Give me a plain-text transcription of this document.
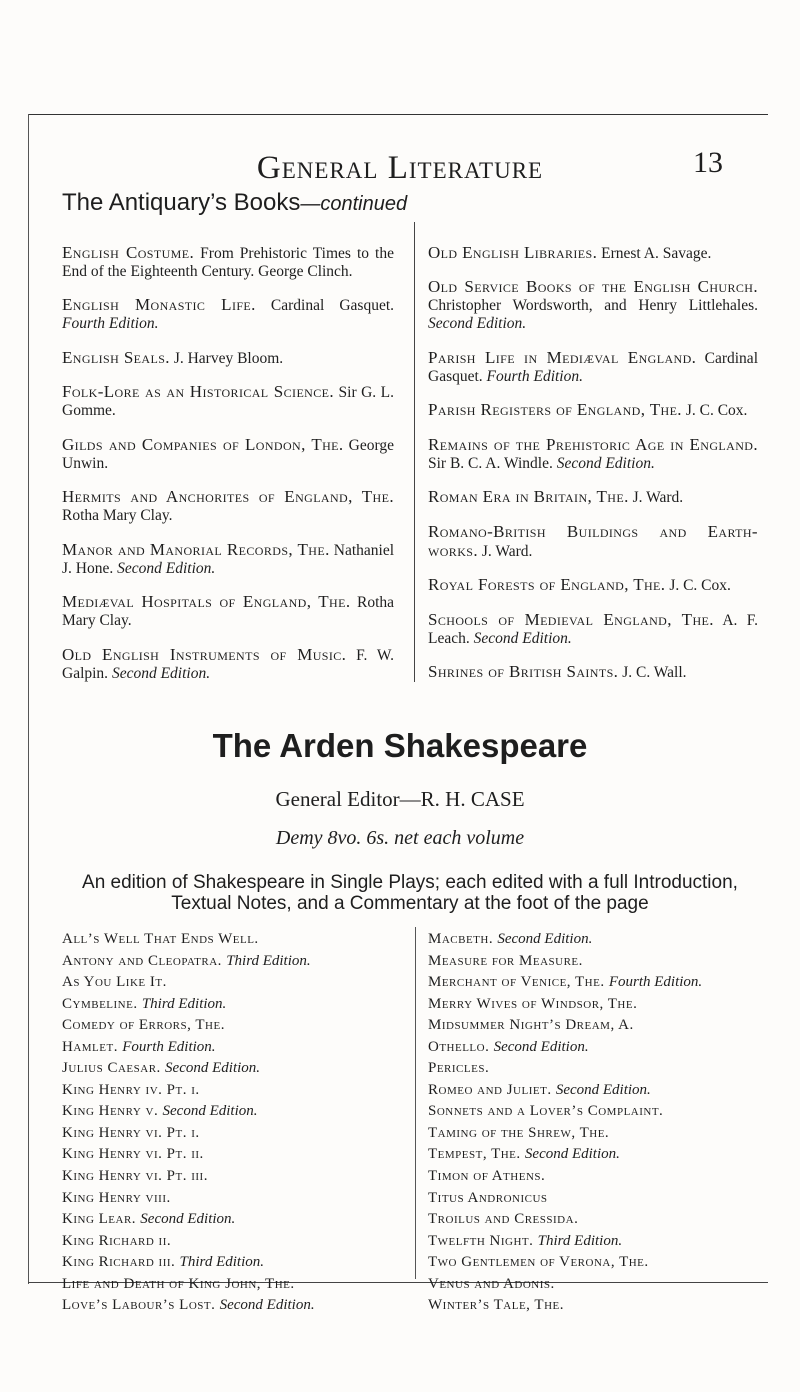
General Literature	13
The Antiquary’s Books—continued

English Costume. From Prehistoric Times to the End of the Eighteenth Century. George Clinch.

English Monastic Life. Cardinal Gasquet. Fourth Edition.

English Seals. J. Harvey Bloom.

Folk-Lore as an Historical Science. Sir G. L. Gomme.

Gilds and Companies of London, The. George Unwin.

Hermits and Anchorites of England, The. Rotha Mary Clay.

Manor and Manorial Records, The. Nathaniel J. Hone. Second Edition.

Mediæval Hospitals of England, The. Rotha Mary Clay.

Old English Instruments of Music. F. W. Galpin. Second Edition.

Old English Libraries. Ernest A. Savage.

Old Service Books of the English Church. Christopher Wordsworth, and Henry Littlehales. Second Edition.

Parish Life in Mediæval England. Cardinal Gasquet. Fourth Edition.

Parish Registers of England, The. J. C. Cox.

Remains of the Prehistoric Age in England. Sir B. C. A. Windle. Second Edition.

Roman Era in Britain, The. J. Ward.

Romano-British Buildings and Earth-works. J. Ward.

Royal Forests of England, The. J. C. Cox.

Schools of Medieval England, The. A. F. Leach. Second Edition.

Shrines of British Saints. J. C. Wall.

The Arden Shakespeare
General Editor—R. H. CASE
Demy 8vo. 6s. net each volume
An edition of Shakespeare in Single Plays; each edited with a full Introduction, Textual Notes, and a Commentary at the foot of the page
All’s Well That Ends Well.
Antony and Cleopatra. Third Edition.
As You Like It.
Cymbeline. Third Edition.
Comedy of Errors, The.
Hamlet. Fourth Edition.
Julius Caesar. Second Edition.
King Henry iv. Pt. i.
King Henry v. Second Edition.
King Henry vi. Pt. i.
King Henry vi. Pt. ii.
King Henry vi. Pt. iii.
King Henry viii.
King Lear. Second Edition.
King Richard ii.
King Richard iii. Third Edition.
Life and Death of King John, The.
Love’s Labour’s Lost. Second Edition.
Macbeth. Second Edition.
Measure for Measure.
Merchant of Venice, The. Fourth Edition.
Merry Wives of Windsor, The.
Midsummer Night’s Dream, A.
Othello. Second Edition.
Pericles.
Romeo and Juliet. Second Edition.
Sonnets and a Lover’s Complaint.
Taming of the Shrew, The.
Tempest, The. Second Edition.
Timon of Athens.
Titus Andronicus
Troilus and Cressida.
Twelfth Night. Third Edition.
Two Gentlemen of Verona, The.
Venus and Adonis.
Winter’s Tale, The.
